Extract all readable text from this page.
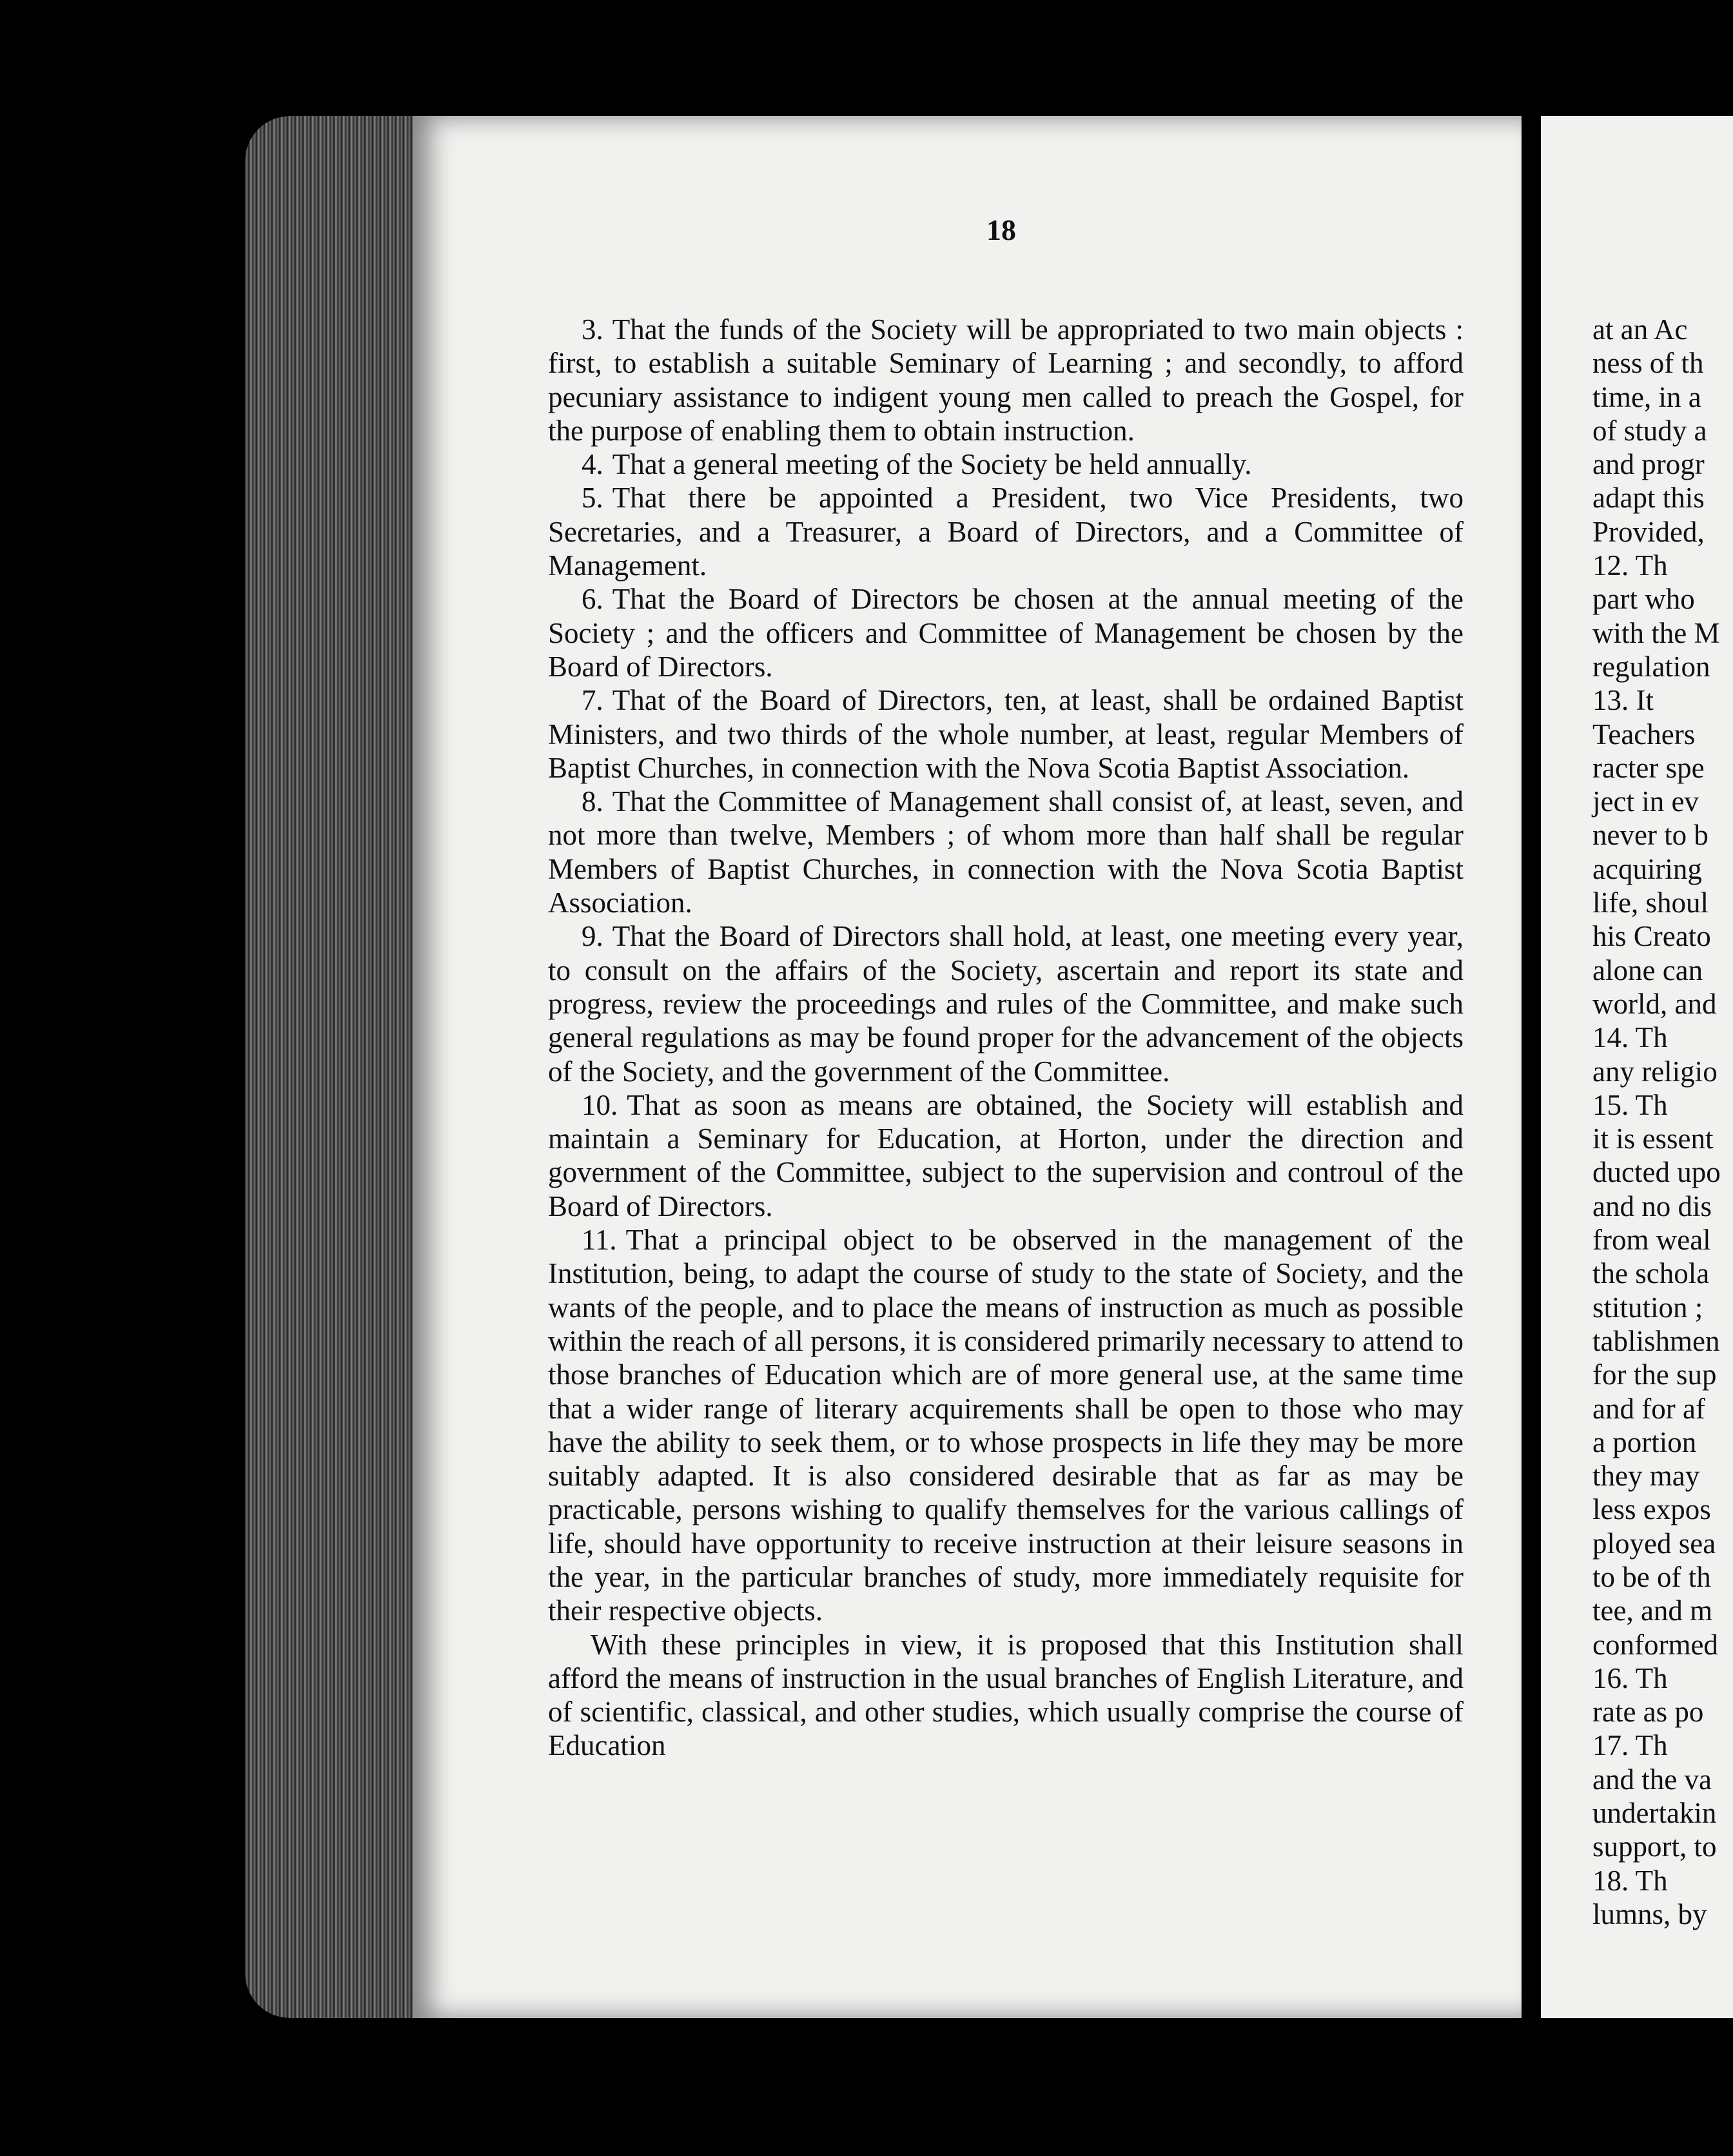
18

3. That the funds of the Society will be appropriated to two main objects : first, to establish a suitable Seminary of Learning ; and secondly, to afford pecuniary assistance to indigent young men called to preach the Gospel, for the purpose of enabling them to obtain instruction.

4. That a general meeting of the Society be held annually.

5. That there be appointed a President, two Vice Presidents, two Secretaries, and a Treasurer, a Board of Directors, and a Committee of Management.

6. That the Board of Directors be chosen at the annual meeting of the Society ; and the officers and Committee of Management be chosen by the Board of Directors.

7. That of the Board of Directors, ten, at least, shall be ordained Baptist Ministers, and two thirds of the whole number, at least, regular Members of Baptist Churches, in connection with the Nova Scotia Baptist Association.

8. That the Committee of Management shall consist of, at least, seven, and not more than twelve, Members ; of whom more than half shall be regular Members of Baptist Churches, in connection with the Nova Scotia Baptist Association.

9. That the Board of Directors shall hold, at least, one meeting every year, to consult on the affairs of the Society, ascertain and report its state and progress, review the proceedings and rules of the Committee, and make such general regulations as may be found proper for the advancement of the objects of the Society, and the government of the Committee.

10. That as soon as means are obtained, the Society will establish and maintain a Seminary for Education, at Horton, under the direction and government of the Committee, subject to the supervision and controul of the Board of Directors.

11. That a principal object to be observed in the management of the Institution, being, to adapt the course of study to the state of Society, and the wants of the people, and to place the means of instruction as much as possible within the reach of all persons, it is considered primarily necessary to attend to those branches of Education which are of more general use, at the same time that a wider range of literary acquirements shall be open to those who may have the ability to seek them, or to whose prospects in life they may be more suitably adapted. It is also considered desirable that as far as may be practicable, persons wishing to qualify themselves for the various callings of life, should have opportunity to receive instruction at their leisure seasons in the year, in the particular branches of study, more immediately requisite for their respective objects.

With these principles in view, it is proposed that this Institution shall afford the means of instruction in the usual branches of English Literature, and of scientific, classical, and other studies, which usually comprise the course of Education

at an Ac
ness of th
time, in a
of study a
and progr
adapt this
Provided,
12. Th
part who
with the M
regulation
13. It
Teachers
racter spe
ject in ev
never to b
acquiring
life, shoul
his Creato
alone can
world, and
14. Th
any religio
15. Th
it is essent
ducted upo
and no dis
from weal
the schola
stitution ;
tablishmen
for the sup
and for af
a portion
they may
less expos
ployed sea
to be of th
tee, and m
conformed
16. Th
rate as po
17. Th
and the va
undertakin
support, to
18. Th
lumns, by
